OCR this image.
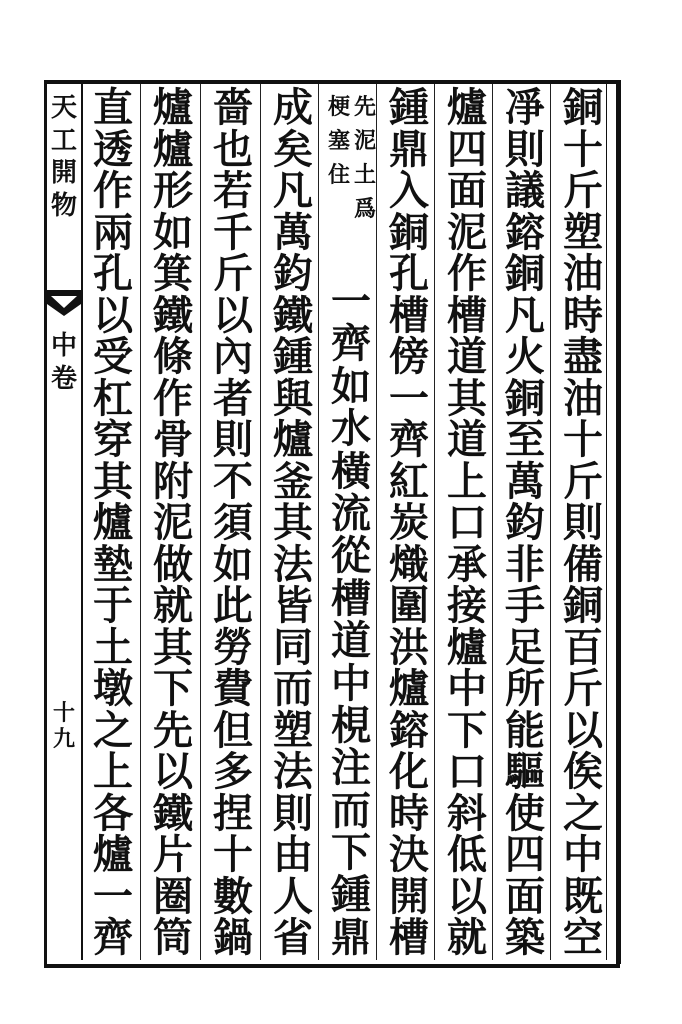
天
工
開
物
中
卷
十
九
銅
十
斤
塑
油
時
盡
油
十
斤
則
備
銅
百
斤
以
俟
之
中
既
空
凈
則
議
鎔
銅
凡
火
銅
至
萬
鈞
非
手
足
所
能
驅
使
四
面
築
爐
四
面
泥
作
槽
道
其
道
上
口
承
接
爐
中
下
口
斜
低
以
就
鍾
鼎
入
銅
孔
槽
傍
一
齊
紅
炭
熾
圍
洪
爐
鎔
化
時
決
開
槽
先
泥
土
爲
梗
塞
住
一
齊
如
水
橫
流
從
槽
道
中
梘
注
而
下
鍾
鼎
成
矣
凡
萬
鈞
鐵
鍾
與
爐
釜
其
法
皆
同
而
塑
法
則
由
人
省
嗇
也
若
千
斤
以
內
者
則
不
須
如
此
勞
費
但
多
捏
十
數
鍋
爐
爐
形
如
箕
鐵
條
作
骨
附
泥
做
就
其
下
先
以
鐵
片
圈
筒
直
透
作
兩
孔
以
受
杠
穿
其
爐
墊
于
土
墩
之
上
各
爐
一
齊
